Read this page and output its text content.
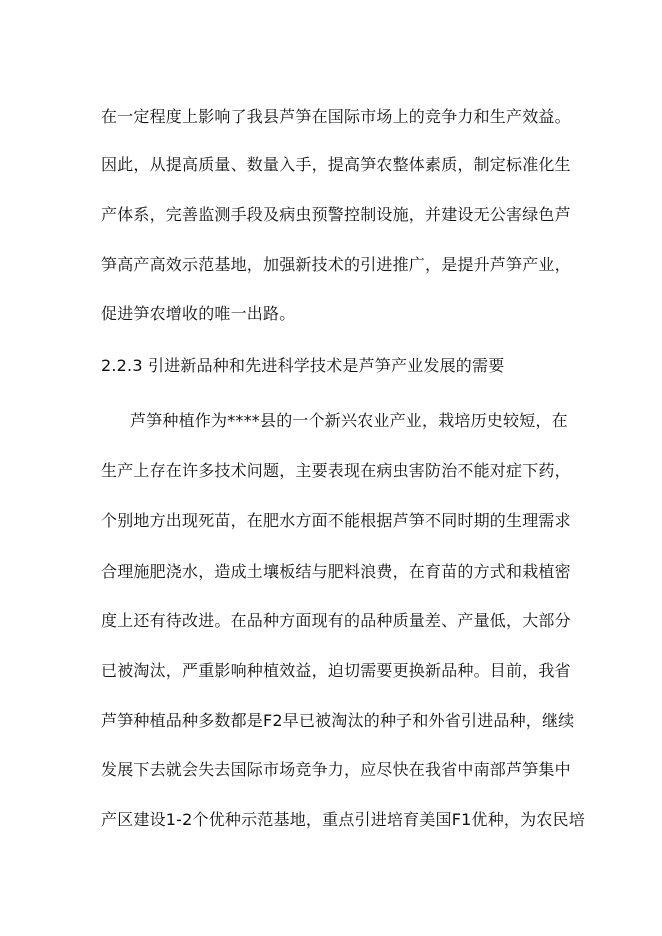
在一定程度上影响了我县芦笋在国际市场上的竞争力和生产效益。
因此，从提高质量、数量入手，提高笋农整体素质，制定标准化生
产体系，完善监测手段及病虫预警控制设施，并建设无公害绿色芦
笋高产高效示范基地，加强新技术的引进推广，是提升芦笋产业，
促进笋农增收的唯一出路。
2.2.3 引进新品种和先进科学技术是芦笋产业发展的需要
芦笋种植作为****县的一个新兴农业产业，栽培历史较短，在
生产上存在许多技术问题，主要表现在病虫害防治不能对症下药，
个别地方出现死苗，在肥水方面不能根据芦笋不同时期的生理需求
合理施肥浇水，造成土壤板结与肥料浪费，在育苗的方式和栽植密
度上还有待改进。在品种方面现有的品种质量差、产量低，大部分
已被淘汰，严重影响种植效益，迫切需要更换新品种。目前，我省
芦笋种植品种多数都是F2早已被淘汰的种子和外省引进品种，继续
发展下去就会失去国际市场竞争力，应尽快在我省中南部芦笋集中
产区建设1-2个优种示范基地，重点引进培育美国F1优种，为农民培
